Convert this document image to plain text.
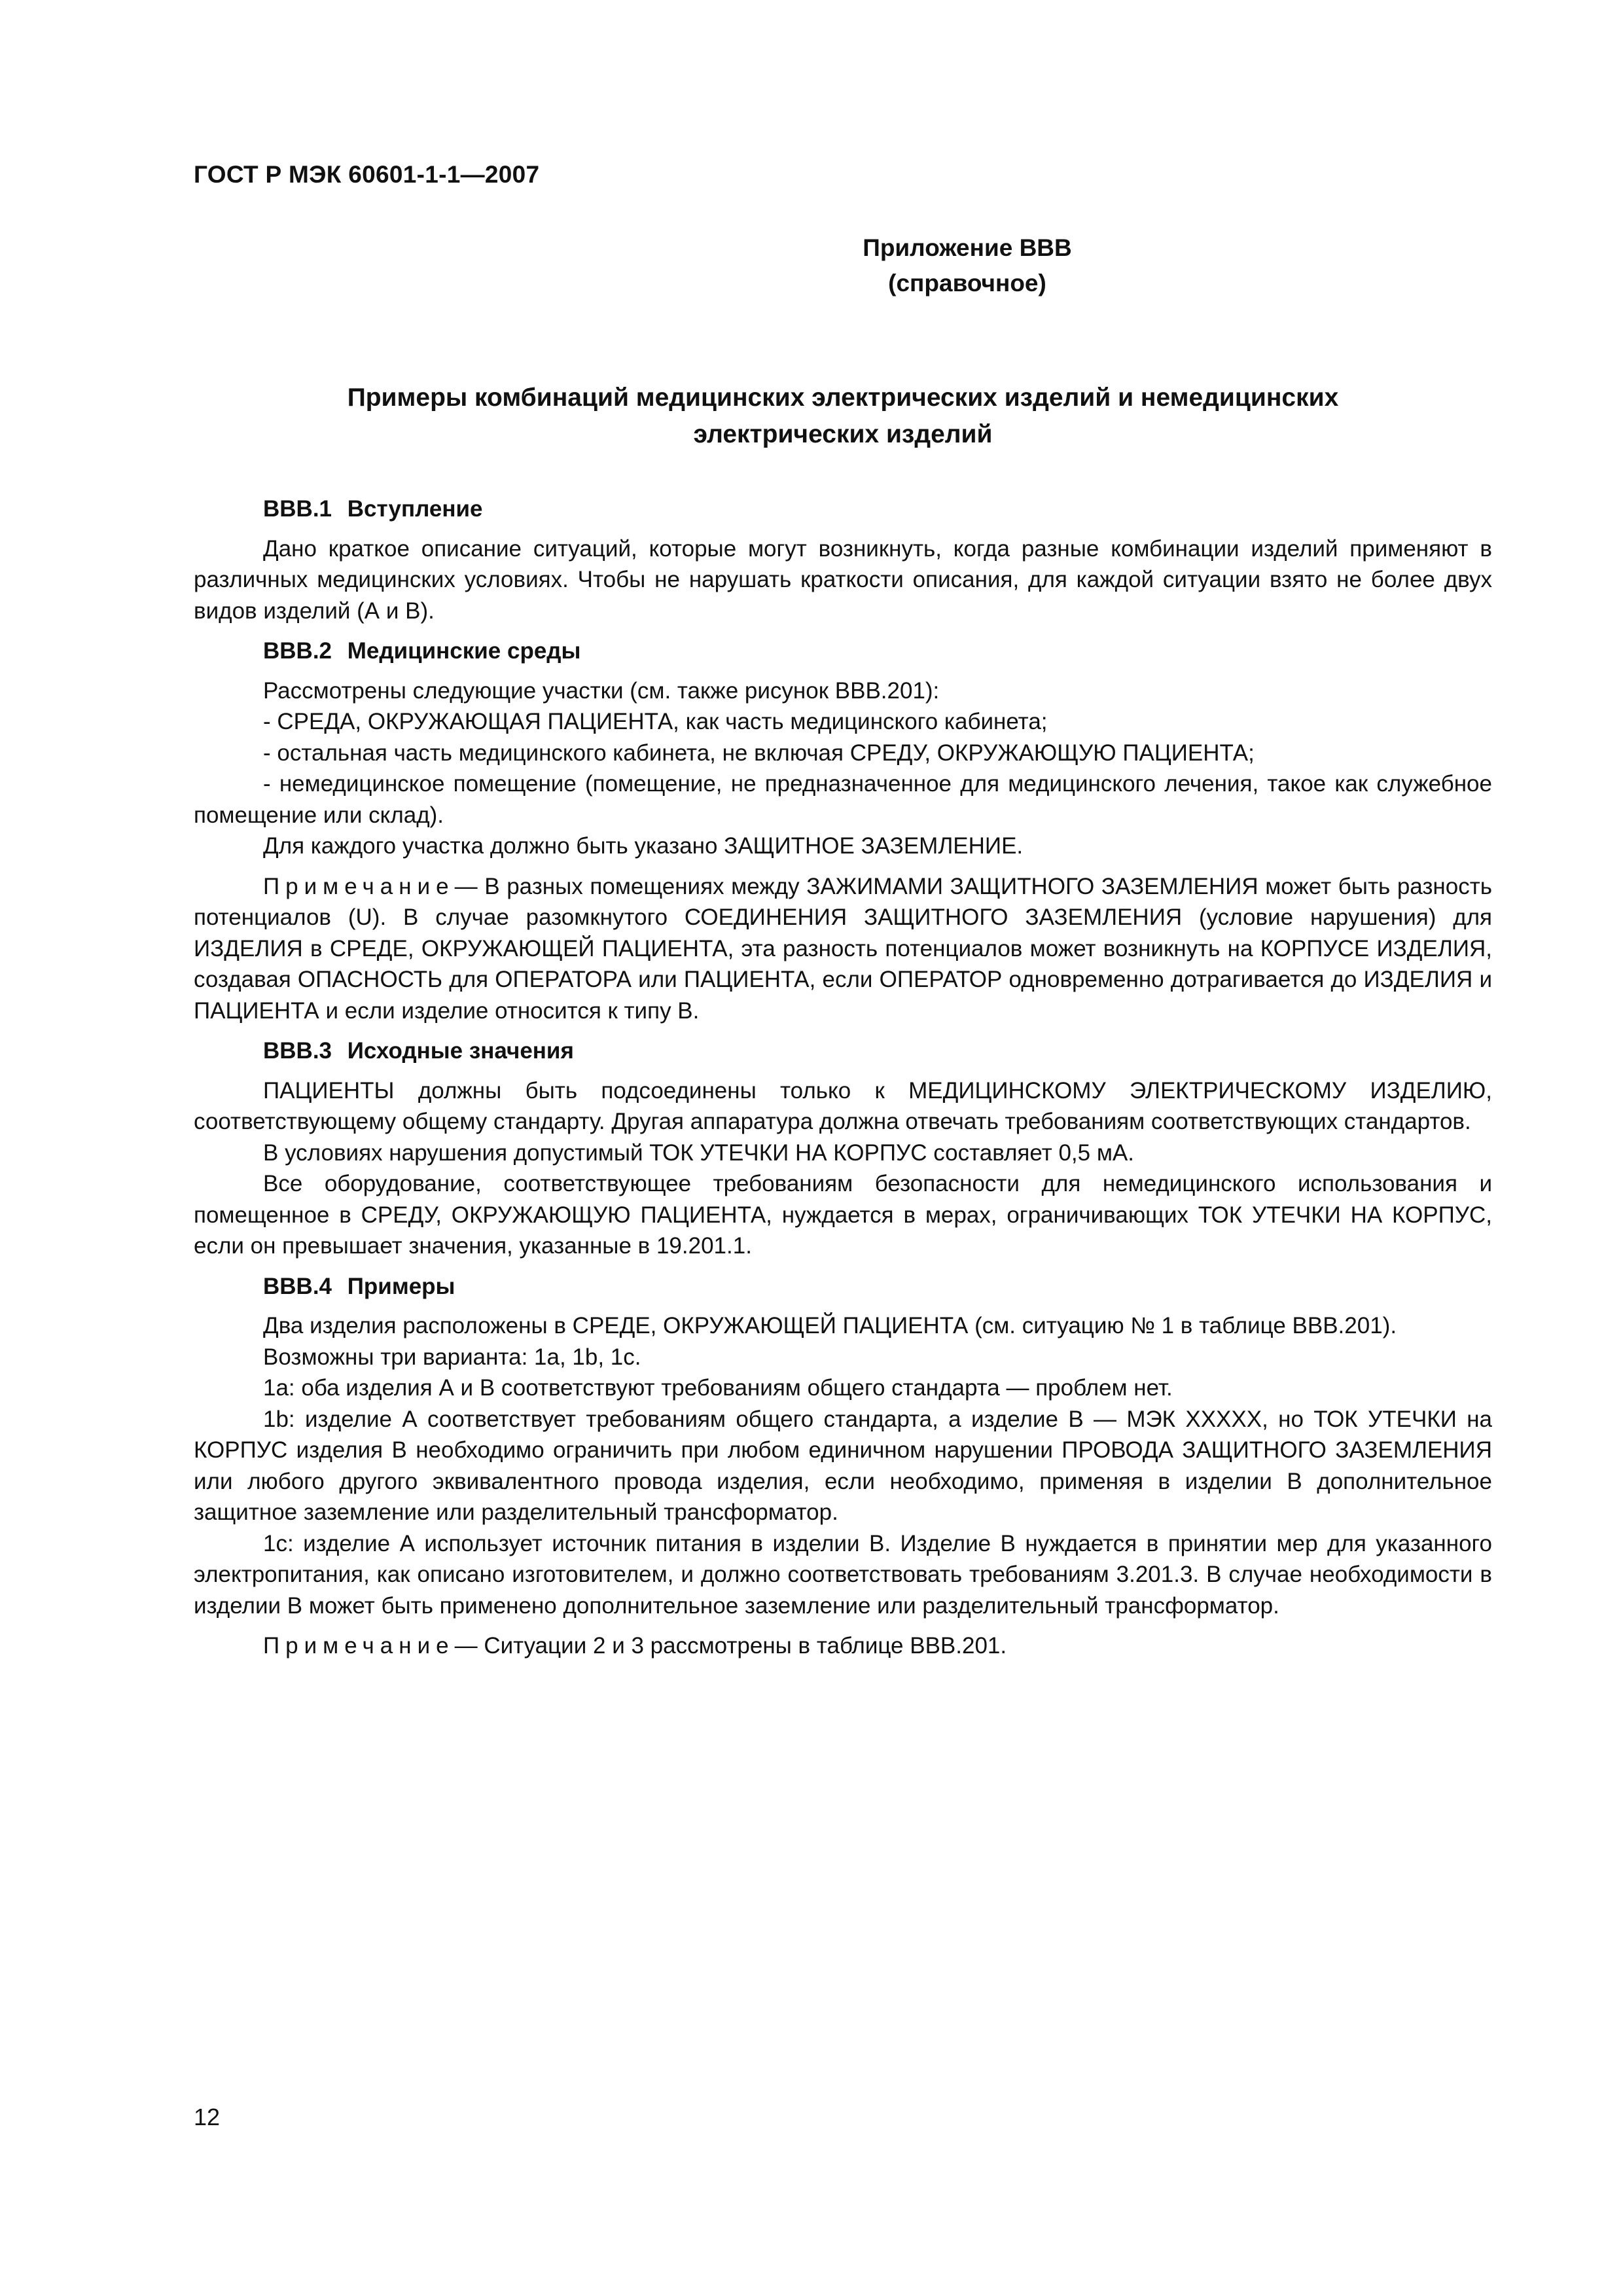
ГОСТ Р МЭК 60601-1-1—2007
Приложение ВВВ
(справочное)
Примеры комбинаций медицинских электрических изделий и немедицинских
электрических изделий
ВВВ.1 Вступление

Дано краткое описание ситуаций, которые могут возникнуть, когда разные комбинации изделий применяют в различных медицинских условиях. Чтобы не нарушать краткости описания, для каждой ситуации взято не более двух видов изделий (А и В).

ВВВ.2 Медицинские среды

Рассмотрены следующие участки (см. также рисунок ВВВ.201):

- СРЕДА, ОКРУЖАЮЩАЯ ПАЦИЕНТА, как часть медицинского кабинета;

- остальная часть медицинского кабинета, не включая СРЕДУ, ОКРУЖАЮЩУЮ ПАЦИЕНТА;

- немедицинское помещение (помещение, не предназначенное для медицинского лечения, такое как служебное помещение или склад).

Для каждого участка должно быть указано ЗАЩИТНОЕ ЗАЗЕМЛЕНИЕ.

Примечание— В разных помещениях между ЗАЖИМАМИ ЗАЩИТНОГО ЗАЗЕМЛЕНИЯ может быть разность потенциалов (U). В случае разомкнутого СОЕДИНЕНИЯ ЗАЩИТНОГО ЗАЗЕМЛЕНИЯ (условие нарушения) для ИЗДЕЛИЯ в СРЕДЕ, ОКРУЖАЮЩЕЙ ПАЦИЕНТА, эта разность потенциалов может возникнуть на КОРПУСЕ ИЗДЕЛИЯ, создавая ОПАСНОСТЬ для ОПЕРАТОРА или ПАЦИЕНТА, если ОПЕРАТОР одновременно дотрагивается до ИЗДЕЛИЯ и ПАЦИЕНТА и если изделие относится к типу В.

ВВВ.3 Исходные значения

ПАЦИЕНТЫ должны быть подсоединены только к МЕДИЦИНСКОМУ ЭЛЕКТРИЧЕСКОМУ ИЗДЕЛИЮ, соответствующему общему стандарту. Другая аппаратура должна отвечать требованиям соответствующих стандартов.

В условиях нарушения допустимый ТОК УТЕЧКИ НА КОРПУС составляет 0,5 мА.

Все оборудование, соответствующее требованиям безопасности для немедицинского использования и помещенное в СРЕДУ, ОКРУЖАЮЩУЮ ПАЦИЕНТА, нуждается в мерах, ограничивающих ТОК УТЕЧКИ НА КОРПУС, если он превышает значения, указанные в 19.201.1.

ВВВ.4 Примеры

Два изделия расположены в СРЕДЕ, ОКРУЖАЮЩЕЙ ПАЦИЕНТА (см. ситуацию № 1 в таблице ВВВ.201).

Возможны три варианта: 1a, 1b, 1c.

1a: оба изделия А и В соответствуют требованиям общего стандарта — проблем нет.

1b: изделие А соответствует требованиям общего стандарта, а изделие В — МЭК XXXXX, но ТОК УТЕЧКИ на КОРПУС изделия В необходимо ограничить при любом единичном нарушении ПРОВОДА ЗАЩИТНОГО ЗАЗЕМЛЕНИЯ или любого другого эквивалентного провода изделия, если необходимо, применяя в изделии В дополнительное защитное заземление или разделительный трансформатор.

1c: изделие А использует источник питания в изделии В. Изделие В нуждается в принятии мер для указанного электропитания, как описано изготовителем, и должно соответствовать требованиям 3.201.3. В случае необходимости в изделии В может быть применено дополнительное заземление или разделительный трансформатор.

Примечание— Ситуации 2 и 3 рассмотрены в таблице ВВВ.201.

12
